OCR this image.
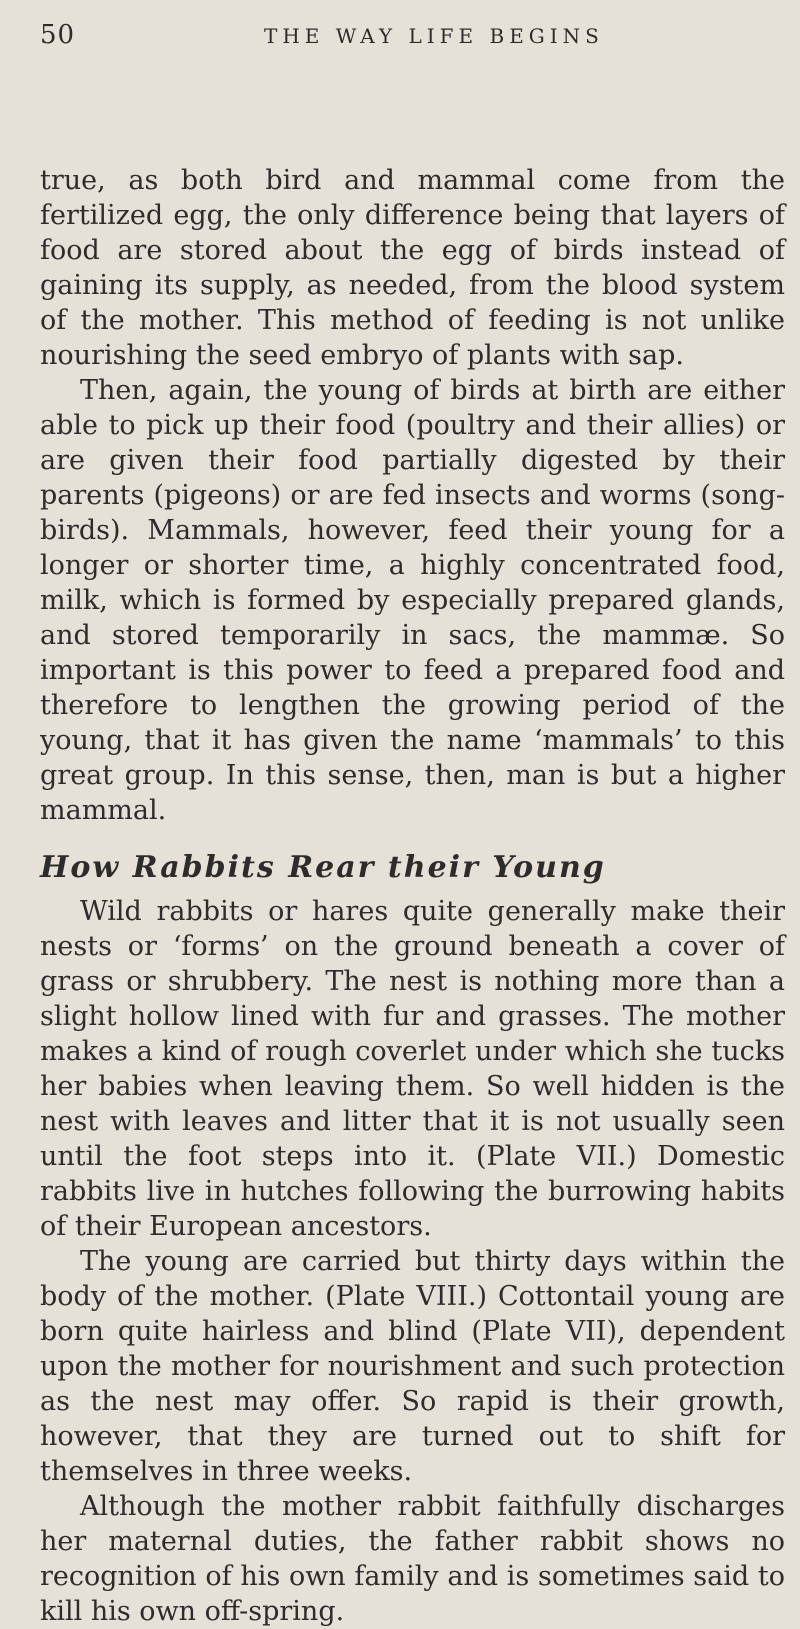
50	THE WAY LIFE BEGINS

true, as both bird and mammal come from the fertilized egg, the only difference being that layers of food are stored about the egg of birds instead of gaining its supply, as needed, from the blood system of the mother. This method of feeding is not unlike nourishing the seed embryo of plants with sap.

Then, again, the young of birds at birth are either able to pick up their food (poultry and their allies) or are given their food partially digested by their parents (pigeons) or are fed insects and worms (song-birds). Mammals, however, feed their young for a longer or shorter time, a highly concentrated food, milk, which is formed by especially prepared glands, and stored temporarily in sacs, the mammæ. So important is this power to feed a prepared food and therefore to lengthen the growing period of the young, that it has given the name ‘mammals’ to this great group. In this sense, then, man is but a higher mammal.

How Rabbits Rear their Young

Wild rabbits or hares quite generally make their nests or ‘forms’ on the ground beneath a cover of grass or shrubbery. The nest is nothing more than a slight hollow lined with fur and grasses. The mother makes a kind of rough coverlet under which she tucks her babies when leaving them. So well hidden is the nest with leaves and litter that it is not usually seen until the foot steps into it. (Plate VII.) Domestic rabbits live in hutches following the burrowing habits of their European ancestors.

The young are carried but thirty days within the body of the mother. (Plate VIII.) Cottontail young are born quite hairless and blind (Plate VII), dependent upon the mother for nourishment and such protection as the nest may offer. So rapid is their growth, however, that they are turned out to shift for themselves in three weeks.

Although the mother rabbit faithfully discharges her maternal duties, the father rabbit shows no recognition of his own family and is sometimes said to kill his own off-spring.
